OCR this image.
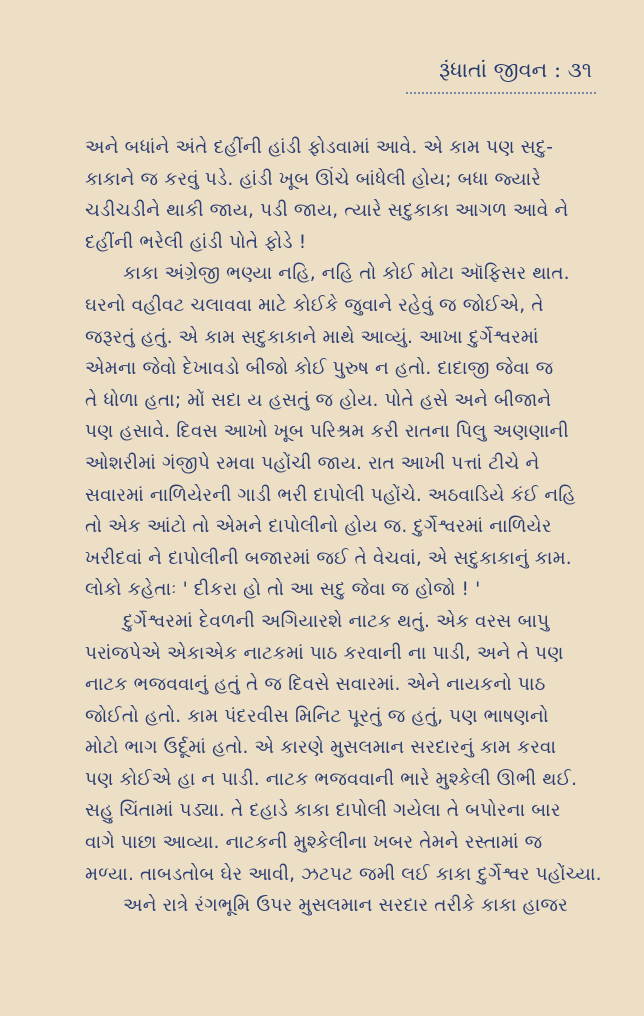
રૂંધાતાં જીવન : ૩૧
અને બધાંને અંતે દહીંની હાંડી ફોડવામાં આવે. એ કામ પણ સદુ-
કાકાને જ કરવું પડે. હાંડી ખૂબ ઊંચે બાંધેલી હોય; બધા જ્યારે
ચડીચડીને થાકી જાય, પડી જાય, ત્યારે સદુકાકા આગળ આવે ને
દહીંની ભરેલી હાંડી પોતે ફોડે !
કાકા અંગ્રેજી ભણ્યા નહિ, નહિ તો કોઈ મોટા ઑફિસર થાત.
ઘરનો વહીવટ ચલાવવા માટે કોઈકે જુવાને રહેવું જ જોઈએ, તે
જરૂરતું હતું. એ કામ સદુકાકાને માથે આવ્યું. આખા દુર્ગેશ્વરમાં
એમના જેવો દેખાવડો બીજો કોઈ પુરુષ ન હતો. દાદાજી જેવા જ
તે ધોળા હતા; મોં સદા ય હસતું જ હોય. પોતે હસે અને બીજાને
પણ હસાવે. દિવસ આખો ખૂબ પરિશ્રમ કરી રાતના પિલુ અણણાની
ઓશરીમાં ગંજીપે રમવા પહોંચી જાય. રાત આખી પત્તાં ટીચે ને
સવારમાં નાળિયેરની ગાડી ભરી દાપોલી પહોંચે. અઠવાડિયે કંઈ નહિ
તો એક આંટો તો એમને દાપોલીનો હોય જ. દુર્ગેશ્વરમાં નાળિયેર
ખરીદવાં ને દાપોલીની બજારમાં જઈ તે વેચવાં, એ સદુકાકાનું કામ.
લોકો કહેતાઃ ' દીકરા હો તો આ સદુ જેવા જ હોજો ! '
દુર્ગેશ્વરમાં દેવળની અગિયારશે નાટક થતું. એક વરસ બાપુ
પરાંજપેએ એકાએક નાટકમાં પાઠ કરવાની ના પાડી, અને તે પણ
નાટક ભજવવાનું હતું તે જ દિવસે સવારમાં. એને નાયકનો પાઠ
જોઈતો હતો. કામ પંદરવીસ મિનિટ પૂરતું જ હતું, પણ ભાષણનો
મોટો ભાગ ઉર્દૂમાં હતો. એ કારણે મુસલમાન સરદારનું કામ કરવા
પણ કોઈએ હા ન પાડી. નાટક ભજવવાની ભારે મુશ્કેલી ઊભી થઈ.
સહુ ચિંતામાં પડ્યા. તે દહાડે કાકા દાપોલી ગયેલા તે બપોરના બાર
વાગે પાછા આવ્યા. નાટકની મુશ્કેલીના ખબર તેમને રસ્તામાં જ
મળ્યા. તાબડતોબ ઘેર આવી, ઝટપટ જમી લઈ કાકા દુર્ગેશ્વર પહોંચ્યા.
અને રાત્રે રંગભૂમિ ઉપર મુસલમાન સરદાર તરીકે કાકા હાજર
